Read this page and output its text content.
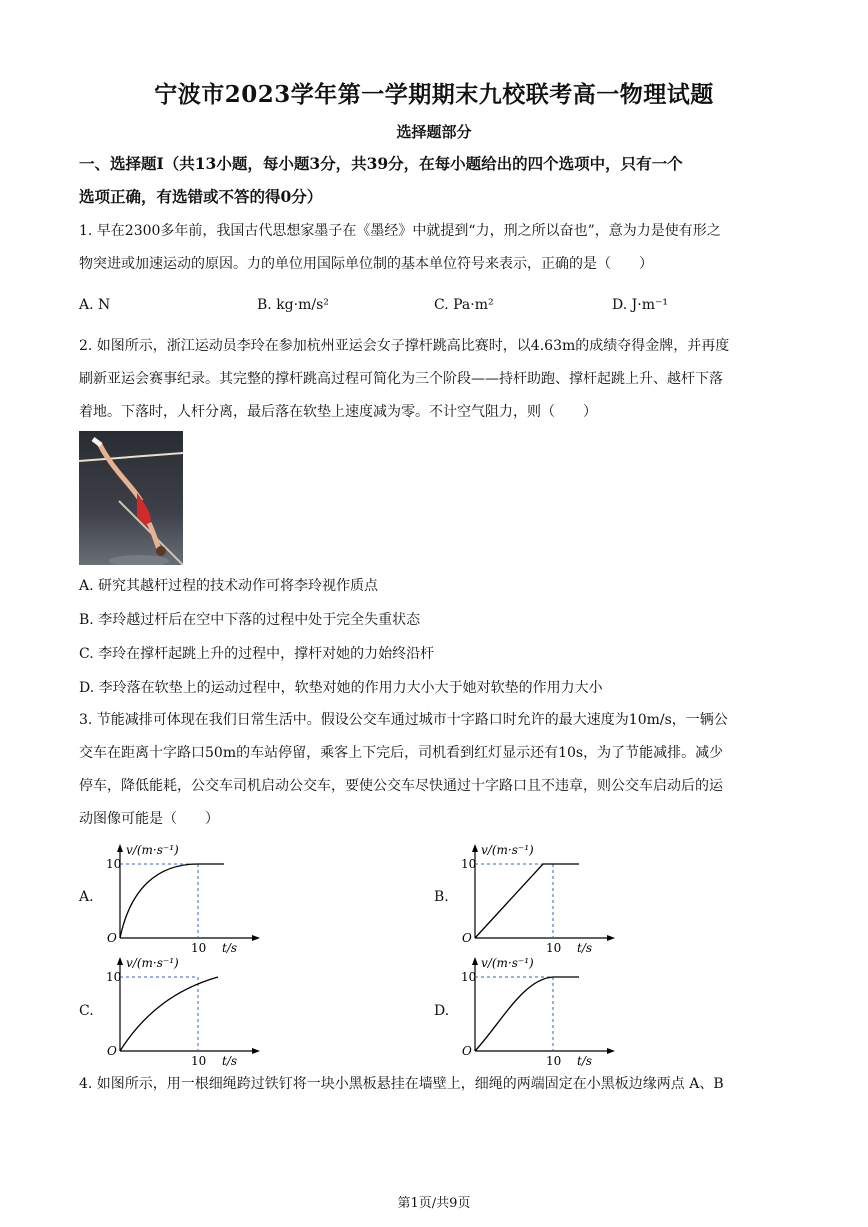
宁波市2023学年第一学期期末九校联考高一物理试题
选择题部分
一、选择题Ⅰ（共13小题，每小题3分，共39分，在每小题给出的四个选项中，只有一个
选项正确，有选错或不答的得0分）
1. 早在2300多年前，我国古代思想家墨子在《墨经》中就提到“力，刑之所以奋也”，意为力是使有形之
物突进或加速运动的原因。力的单位用国际单位制的基本单位符号来表示，正确的是（　　）
A. N	B. kg·m/s²	C. Pa·m²	D. J·m⁻¹
2. 如图所示，浙江运动员李玲在参加杭州亚运会女子撑杆跳高比赛时，以4.63m的成绩夺得金牌，并再度
刷新亚运会赛事纪录。其完整的撑杆跳高过程可简化为三个阶段——持杆助跑、撑杆起跳上升、越杆下落
着地。下落时，人杆分离，最后落在软垫上速度减为零。不计空气阻力，则（　　）
A. 研究其越杆过程的技术动作可将李玲视作质点
B. 李玲越过杆后在空中下落的过程中处于完全失重状态
C. 李玲在撑杆起跳上升的过程中，撑杆对她的力始终沿杆
D. 李玲落在软垫上的运动过程中，软垫对她的作用力大小大于她对软垫的作用力大小
3. 节能减排可体现在我们日常生活中。假设公交车通过城市十字路口时允许的最大速度为10m/s，一辆公
交车在距离十字路口50m的车站停留，乘客上下完后，司机看到红灯显示还有10s，为了节能减排。减少
停车，降低能耗，公交车司机启动公交车，要使公交车尽快通过十字路口且不违章，则公交车启动后的运
动图像可能是（　　）
A.
10
O
10 t/s
v/(m·s⁻¹)
B.
10
O
10 t/s
v/(m·s⁻¹)
C.
10
O
10 t/s
v/(m·s⁻¹)
D.
10
O
10 t/s
v/(m·s⁻¹)
4. 如图所示，用一根细绳跨过铁钉将一块小黑板悬挂在墙壁上，细绳的两端固定在小黑板边缘两点 A、B
第1页/共9页
